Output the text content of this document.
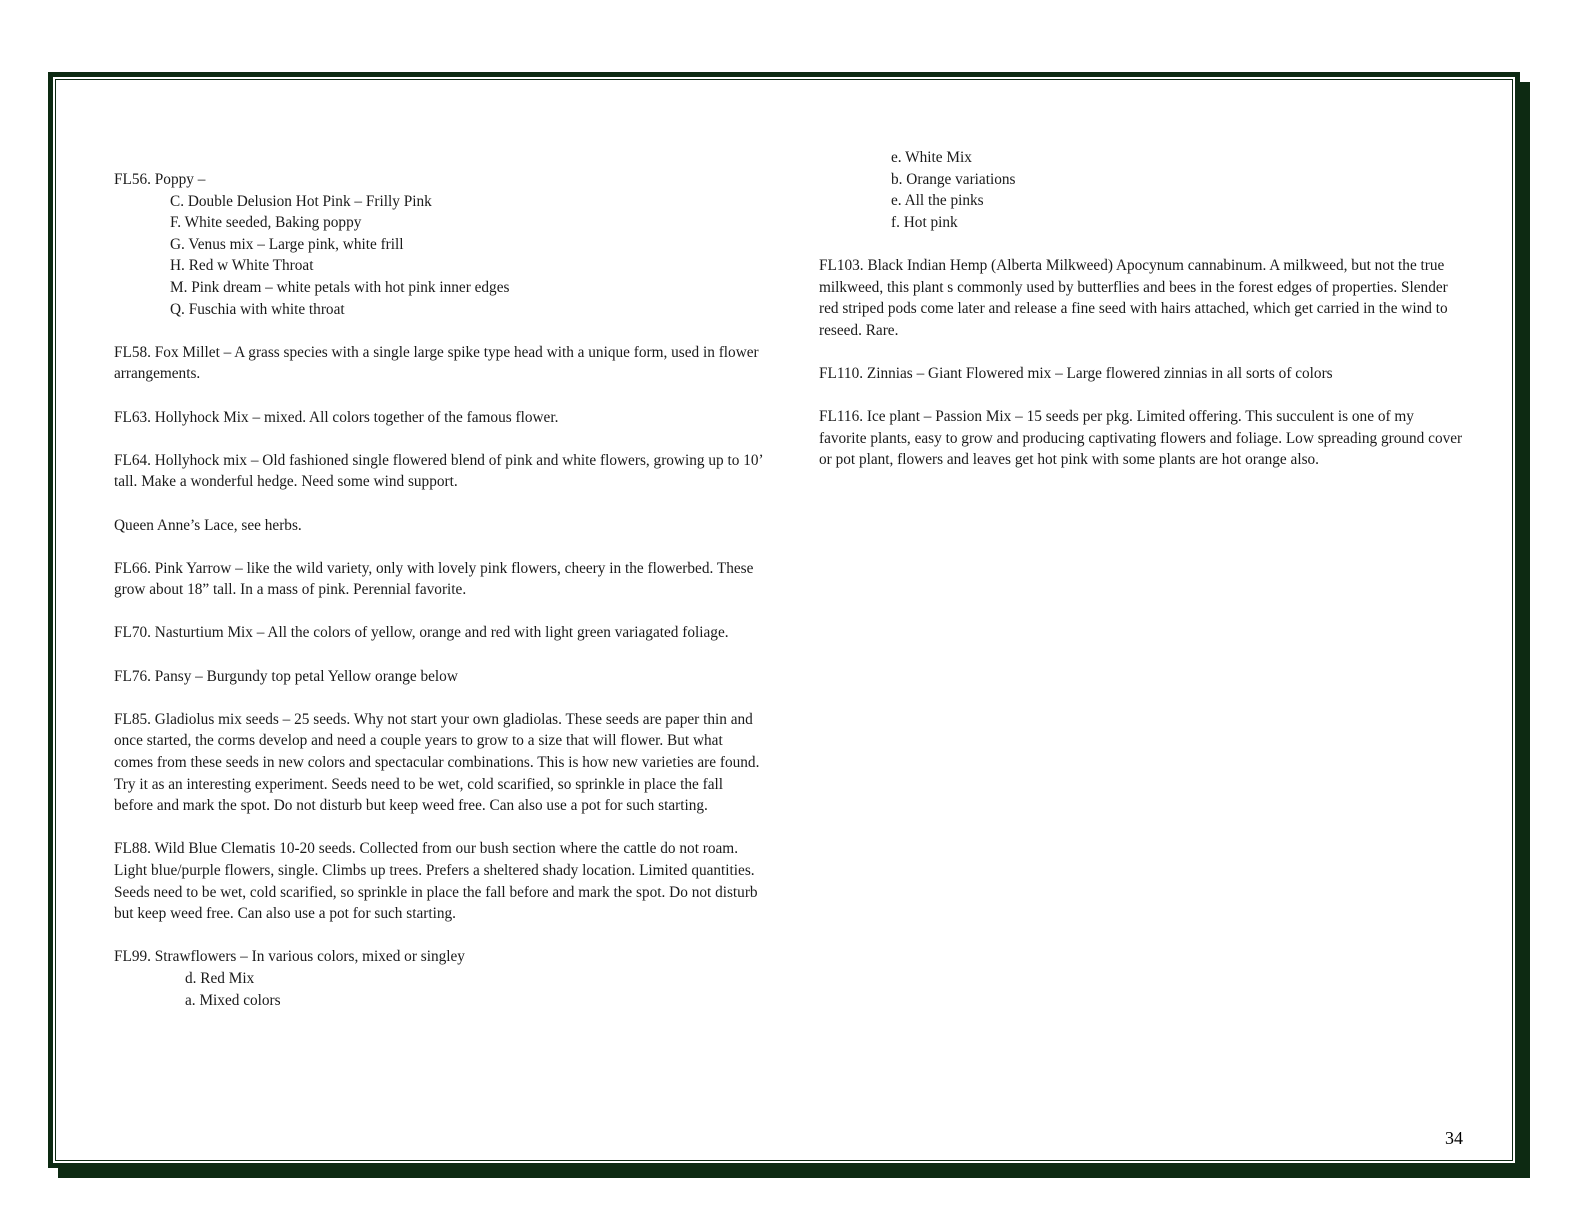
FL56. Poppy –

C. Double Delusion Hot Pink – Frilly Pink
F. White seeded, Baking poppy
G. Venus mix – Large pink, white frill
H. Red w White Throat
M. Pink dream – white petals with hot pink inner edges
Q. Fuschia with white throat

FL58. Fox Millet – A grass species with a single large spike type head with a unique form, used in flower arrangements.

FL63. Hollyhock Mix – mixed. All colors together of the famous flower.

FL64. Hollyhock mix – Old fashioned single flowered blend of pink and white flowers, growing up to 10’ tall. Make a wonderful hedge. Need some wind support.

Queen Anne’s Lace, see herbs.

FL66. Pink Yarrow – like the wild variety, only with lovely pink flowers, cheery in the flowerbed. These grow about 18” tall. In a mass of pink. Perennial favorite.

FL70. Nasturtium Mix – All the colors of yellow, orange and red with light green variagated foliage.

FL76. Pansy – Burgundy top petal Yellow orange below

FL85. Gladiolus mix seeds – 25 seeds. Why not start your own gladiolas. These seeds are paper thin and once started, the corms develop and need a couple years to grow to a size that will flower. But what comes from these seeds in new colors and spectacular combinations. This is how new varieties are found. Try it as an interesting experiment. Seeds need to be wet, cold scarified, so sprinkle in place the fall before and mark the spot. Do not disturb but keep weed free. Can also use a pot for such starting.

FL88. Wild Blue Clematis 10-20 seeds. Collected from our bush section where the cattle do not roam. Light blue/purple flowers, single. Climbs up trees. Prefers a sheltered shady location. Limited quantities. Seeds need to be wet, cold scarified, so sprinkle in place the fall before and mark the spot. Do not disturb but keep weed free. Can also use a pot for such starting.

FL99. Strawflowers – In various colors, mixed or singley

d. Red Mix
a. Mixed colors
e. White Mix
b. Orange variations
e. All the pinks
f. Hot pink

FL103. Black Indian Hemp (Alberta Milkweed) Apocynum cannabinum. A milkweed, but not the true milkweed, this plant s commonly used by butterflies and bees in the forest edges of properties. Slender red striped pods come later and release a fine seed with hairs attached, which get carried in the wind to reseed. Rare.

FL110. Zinnias – Giant Flowered mix – Large flowered zinnias in all sorts of colors

FL116. Ice plant – Passion Mix – 15 seeds per pkg. Limited offering. This succulent is one of my favorite plants, easy to grow and producing captivating flowers and foliage. Low spreading ground cover or pot plant, flowers and leaves get hot pink with some plants are hot orange also.

34
